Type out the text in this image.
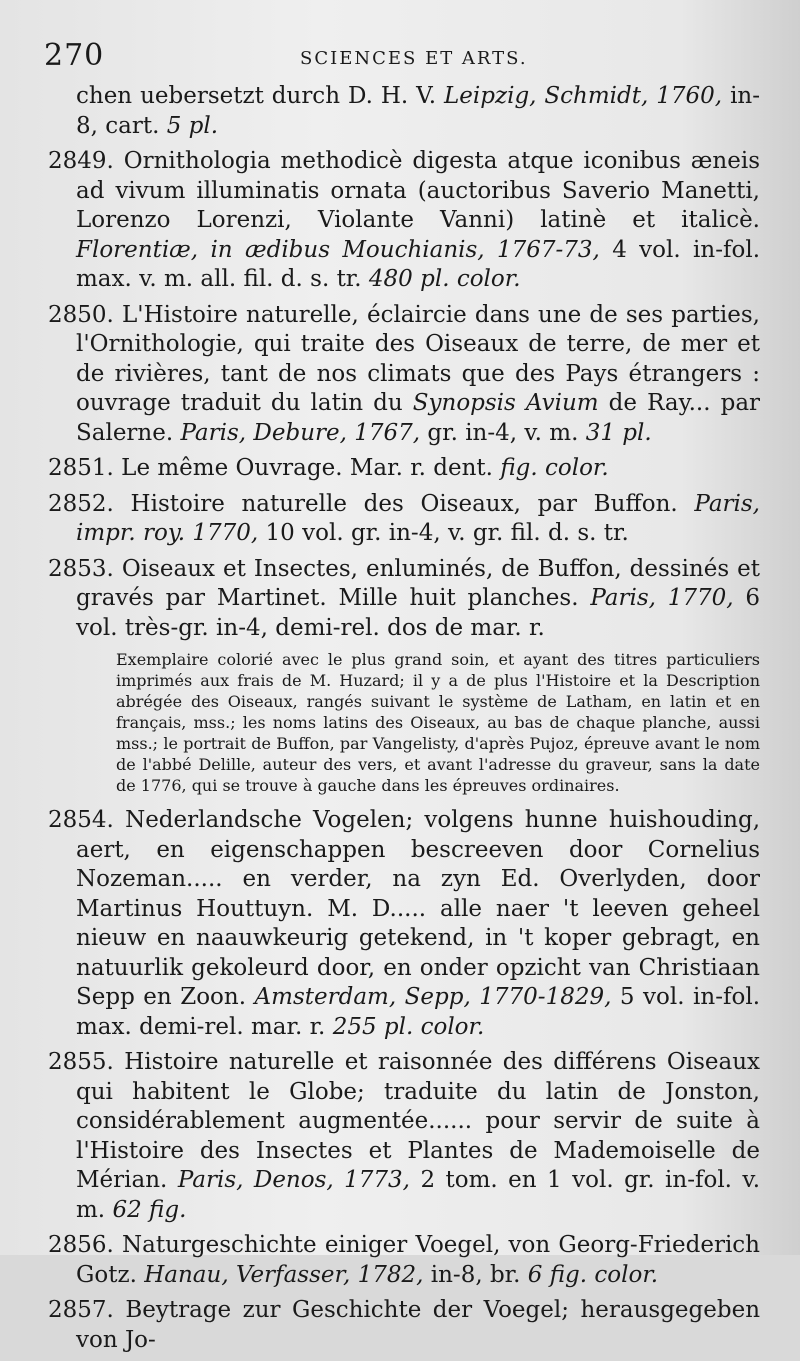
270	SCIENCES ET ARTS.
chen uebersetzt durch D. H. V. Leipzig, Schmidt, 1760, in-8, cart. 5 pl.
2849. Ornithologia methodicè digesta atque iconibus æneis ad vivum illuminatis ornata (auctoribus Saverio Manetti, Lorenzo Lorenzi, Violante Vanni) latinè et italicè. Florentiæ, in ædibus Mouchianis, 1767-73, 4 vol. in-fol. max. v. m. all. fil. d. s. tr. 480 pl. color.
2850. L'Histoire naturelle, éclaircie dans une de ses parties, l'Ornithologie, qui traite des Oiseaux de terre, de mer et de rivières, tant de nos climats que des Pays étrangers : ouvrage traduit du latin du Synopsis Avium de Ray... par Salerne. Paris, Debure, 1767, gr. in-4, v. m. 31 pl.
2851. Le même Ouvrage. Mar. r. dent. fig. color.
2852. Histoire naturelle des Oiseaux, par Buffon. Paris, impr. roy. 1770, 10 vol. gr. in-4, v. gr. fil. d. s. tr.
2853. Oiseaux et Insectes, enluminés, de Buffon, dessinés et gravés par Martinet. Mille huit planches. Paris, 1770, 6 vol. très-gr. in-4, demi-rel. dos de mar. r.
Exemplaire colorié avec le plus grand soin, et ayant des titres particuliers imprimés aux frais de M. Huzard; il y a de plus l'Histoire et la Description abrégée des Oiseaux, rangés suivant le système de Latham, en latin et en français, mss.; les noms latins des Oiseaux, au bas de chaque planche, aussi mss.; le portrait de Buffon, par Vangelisty, d'après Pujoz, épreuve avant le nom de l'abbé Delille, auteur des vers, et avant l'adresse du graveur, sans la date de 1776, qui se trouve à gauche dans les épreuves ordinaires.
2854. Nederlandsche Vogelen; volgens hunne huishouding, aert, en eigenschappen bescreeven door Cornelius Nozeman..... en verder, na zyn Ed. Overlyden, door Martinus Houttuyn. M. D..... alle naer 't leeven geheel nieuw en naauwkeurig getekend, in 't koper gebragt, en natuurlik gekoleurd door, en onder opzicht van Christiaan Sepp en Zoon. Amsterdam, Sepp, 1770-1829, 5 vol. in-fol. max. demi-rel. mar. r. 255 pl. color.
2855. Histoire naturelle et raisonnée des différens Oiseaux qui habitent le Globe; traduite du latin de Jonston, considérablement augmentée...... pour servir de suite à l'Histoire des Insectes et Plantes de Mademoiselle de Mérian. Paris, Denos, 1773, 2 tom. en 1 vol. gr. in-fol. v. m. 62 fig.
2856. Naturgeschichte einiger Voegel, von Georg-Friederich Gotz. Hanau, Verfasser, 1782, in-8, br. 6 fig. color.
2857. Beytrage zur Geschichte der Voegel; herausgegeben von Jo-
